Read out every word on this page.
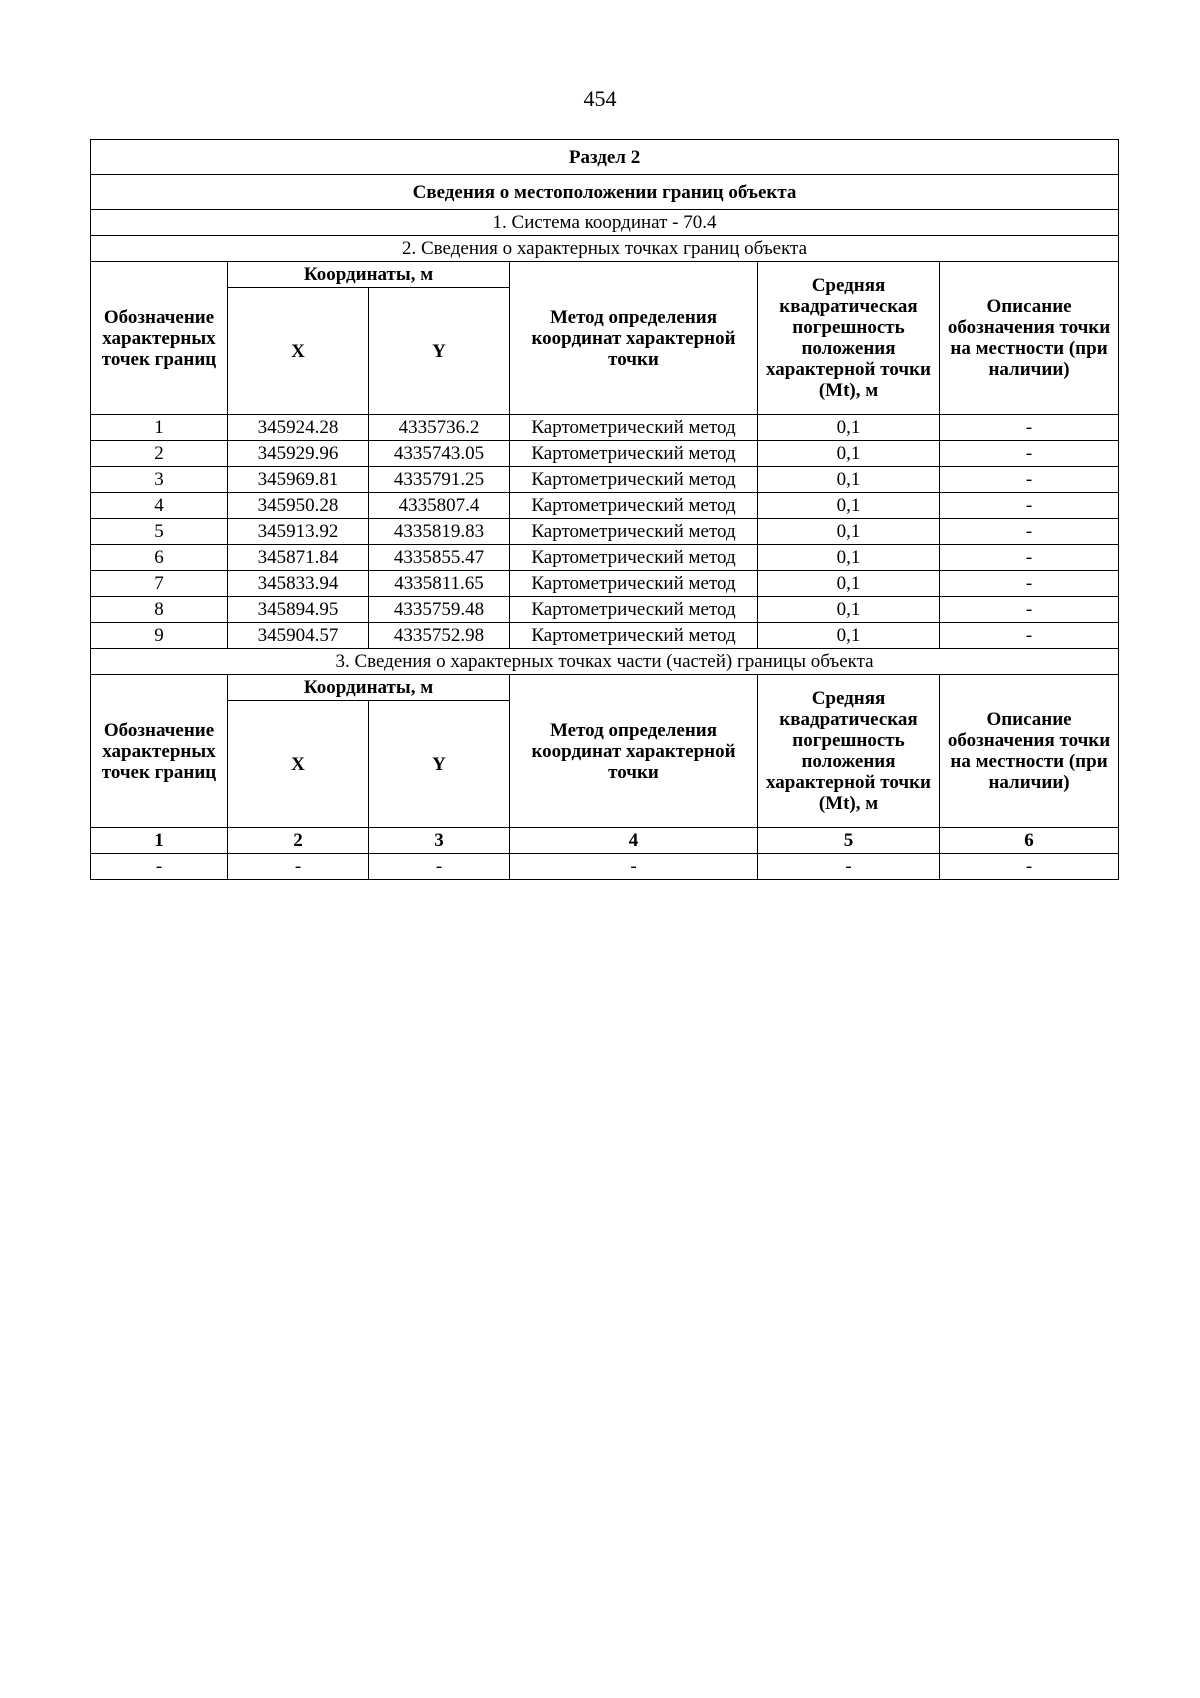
454
Раздел 2					
Сведения о местоположении границ объекта					
1. Система координат - 70.4					
2. Сведения о характерных точках границ объекта					
Обозначение характерных точек границ	Координаты, м		Метод определения координат характерной точки	Средняя квадратическая погрешность положения характерной точки (Mt), м	Описание обозначения точки на местности (при наличии)
	X	Y			
1	345924.28	4335736.2	Картометрический метод	0,1	-
2	345929.96	4335743.05	Картометрический метод	0,1	-
3	345969.81	4335791.25	Картометрический метод	0,1	-
4	345950.28	4335807.4	Картометрический метод	0,1	-
5	345913.92	4335819.83	Картометрический метод	0,1	-
6	345871.84	4335855.47	Картометрический метод	0,1	-
7	345833.94	4335811.65	Картометрический метод	0,1	-
8	345894.95	4335759.48	Картометрический метод	0,1	-
9	345904.57	4335752.98	Картометрический метод	0,1	-
3. Сведения о характерных точках части (частей) границы объекта					
Обозначение характерных точек границ	Координаты, м		Метод определения координат характерной точки	Средняя квадратическая погрешность положения характерной точки (Mt), м	Описание обозначения точки на местности (при наличии)
	X	Y			
1	2	3	4	5	6
-	-	-	-	-	-
